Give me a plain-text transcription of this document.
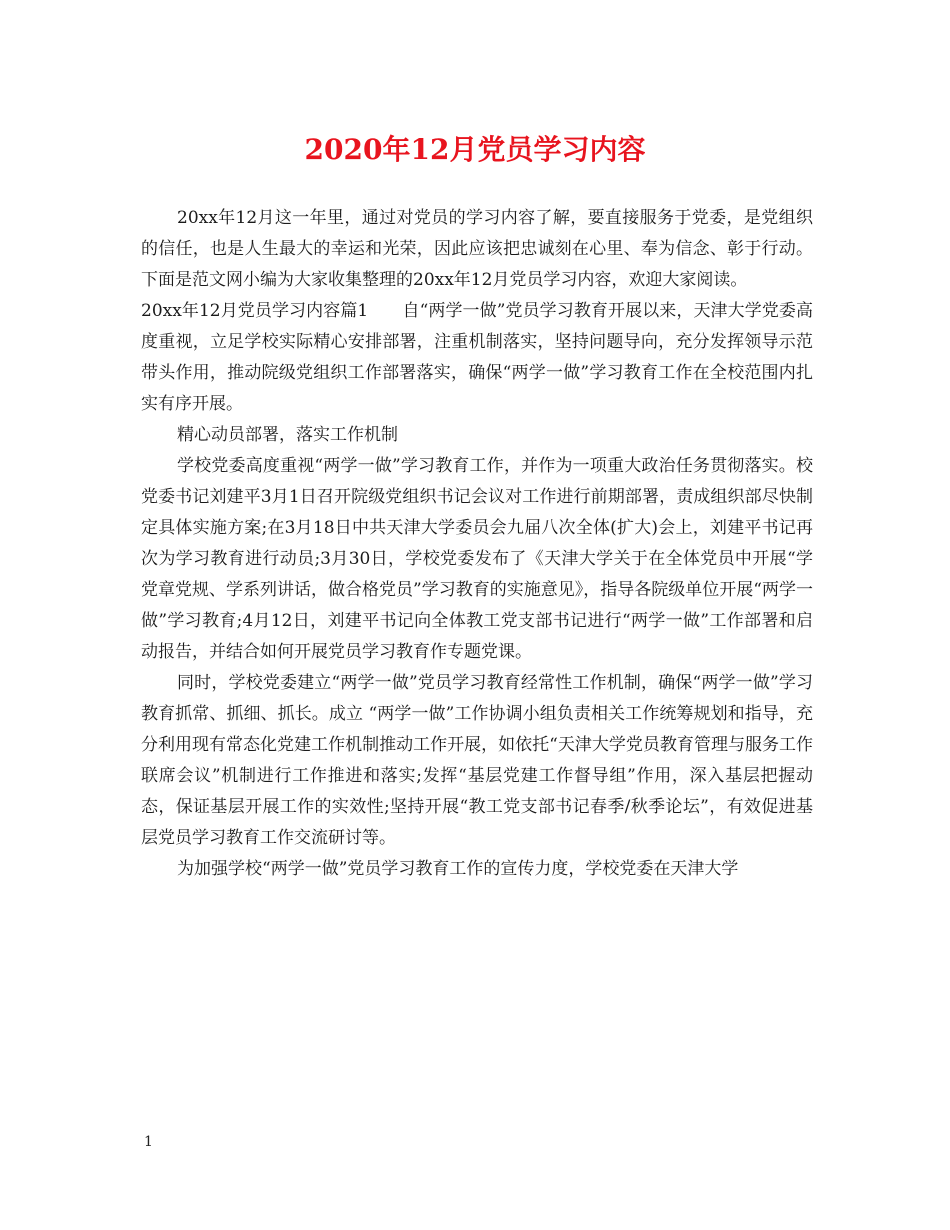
2020年12月党员学习内容

20xx年12月这一年里，通过对党员的学习内容了解，要直接服务于党委，是党组织的信任，也是人生最大的幸运和光荣，因此应该把忠诚刻在心里、奉为信念、彰于行动。下面是范文网小编为大家收集整理的20xx年12月党员学习内容，欢迎大家阅读。

20xx年12月党员学习内容篇1　　自“两学一做”党员学习教育开展以来，天津大学党委高度重视，立足学校实际精心安排部署，注重机制落实，坚持问题导向，充分发挥领导示范带头作用，推动院级党组织工作部署落实，确保“两学一做”学习教育工作在全校范围内扎实有序开展。

精心动员部署，落实工作机制

学校党委高度重视“两学一做”学习教育工作，并作为一项重大政治任务贯彻落实。校党委书记刘建平3月1日召开院级党组织书记会议对工作进行前期部署，责成组织部尽快制定具体实施方案;在3月18日中共天津大学委员会九届八次全体(扩大)会上，刘建平书记再次为学习教育进行动员;3月30日，学校党委发布了《天津大学关于在全体党员中开展“学党章党规、学系列讲话，做合格党员”学习教育的实施意见》，指导各院级单位开展“两学一做”学习教育;4月12日，刘建平书记向全体教工党支部书记进行“两学一做”工作部署和启动报告，并结合如何开展党员学习教育作专题党课。

同时，学校党委建立“两学一做”党员学习教育经常性工作机制，确保“两学一做”学习教育抓常、抓细、抓长。成立 “两学一做”工作协调小组负责相关工作统筹规划和指导，充分利用现有常态化党建工作机制推动工作开展，如依托“天津大学党员教育管理与服务工作联席会议”机制进行工作推进和落实;发挥“基层党建工作督导组”作用，深入基层把握动态，保证基层开展工作的实效性;坚持开展“教工党支部书记春季/秋季论坛”，有效促进基层党员学习教育工作交流研讨等。

为加强学校“两学一做”党员学习教育工作的宣传力度，学校党委在天津大学

1
